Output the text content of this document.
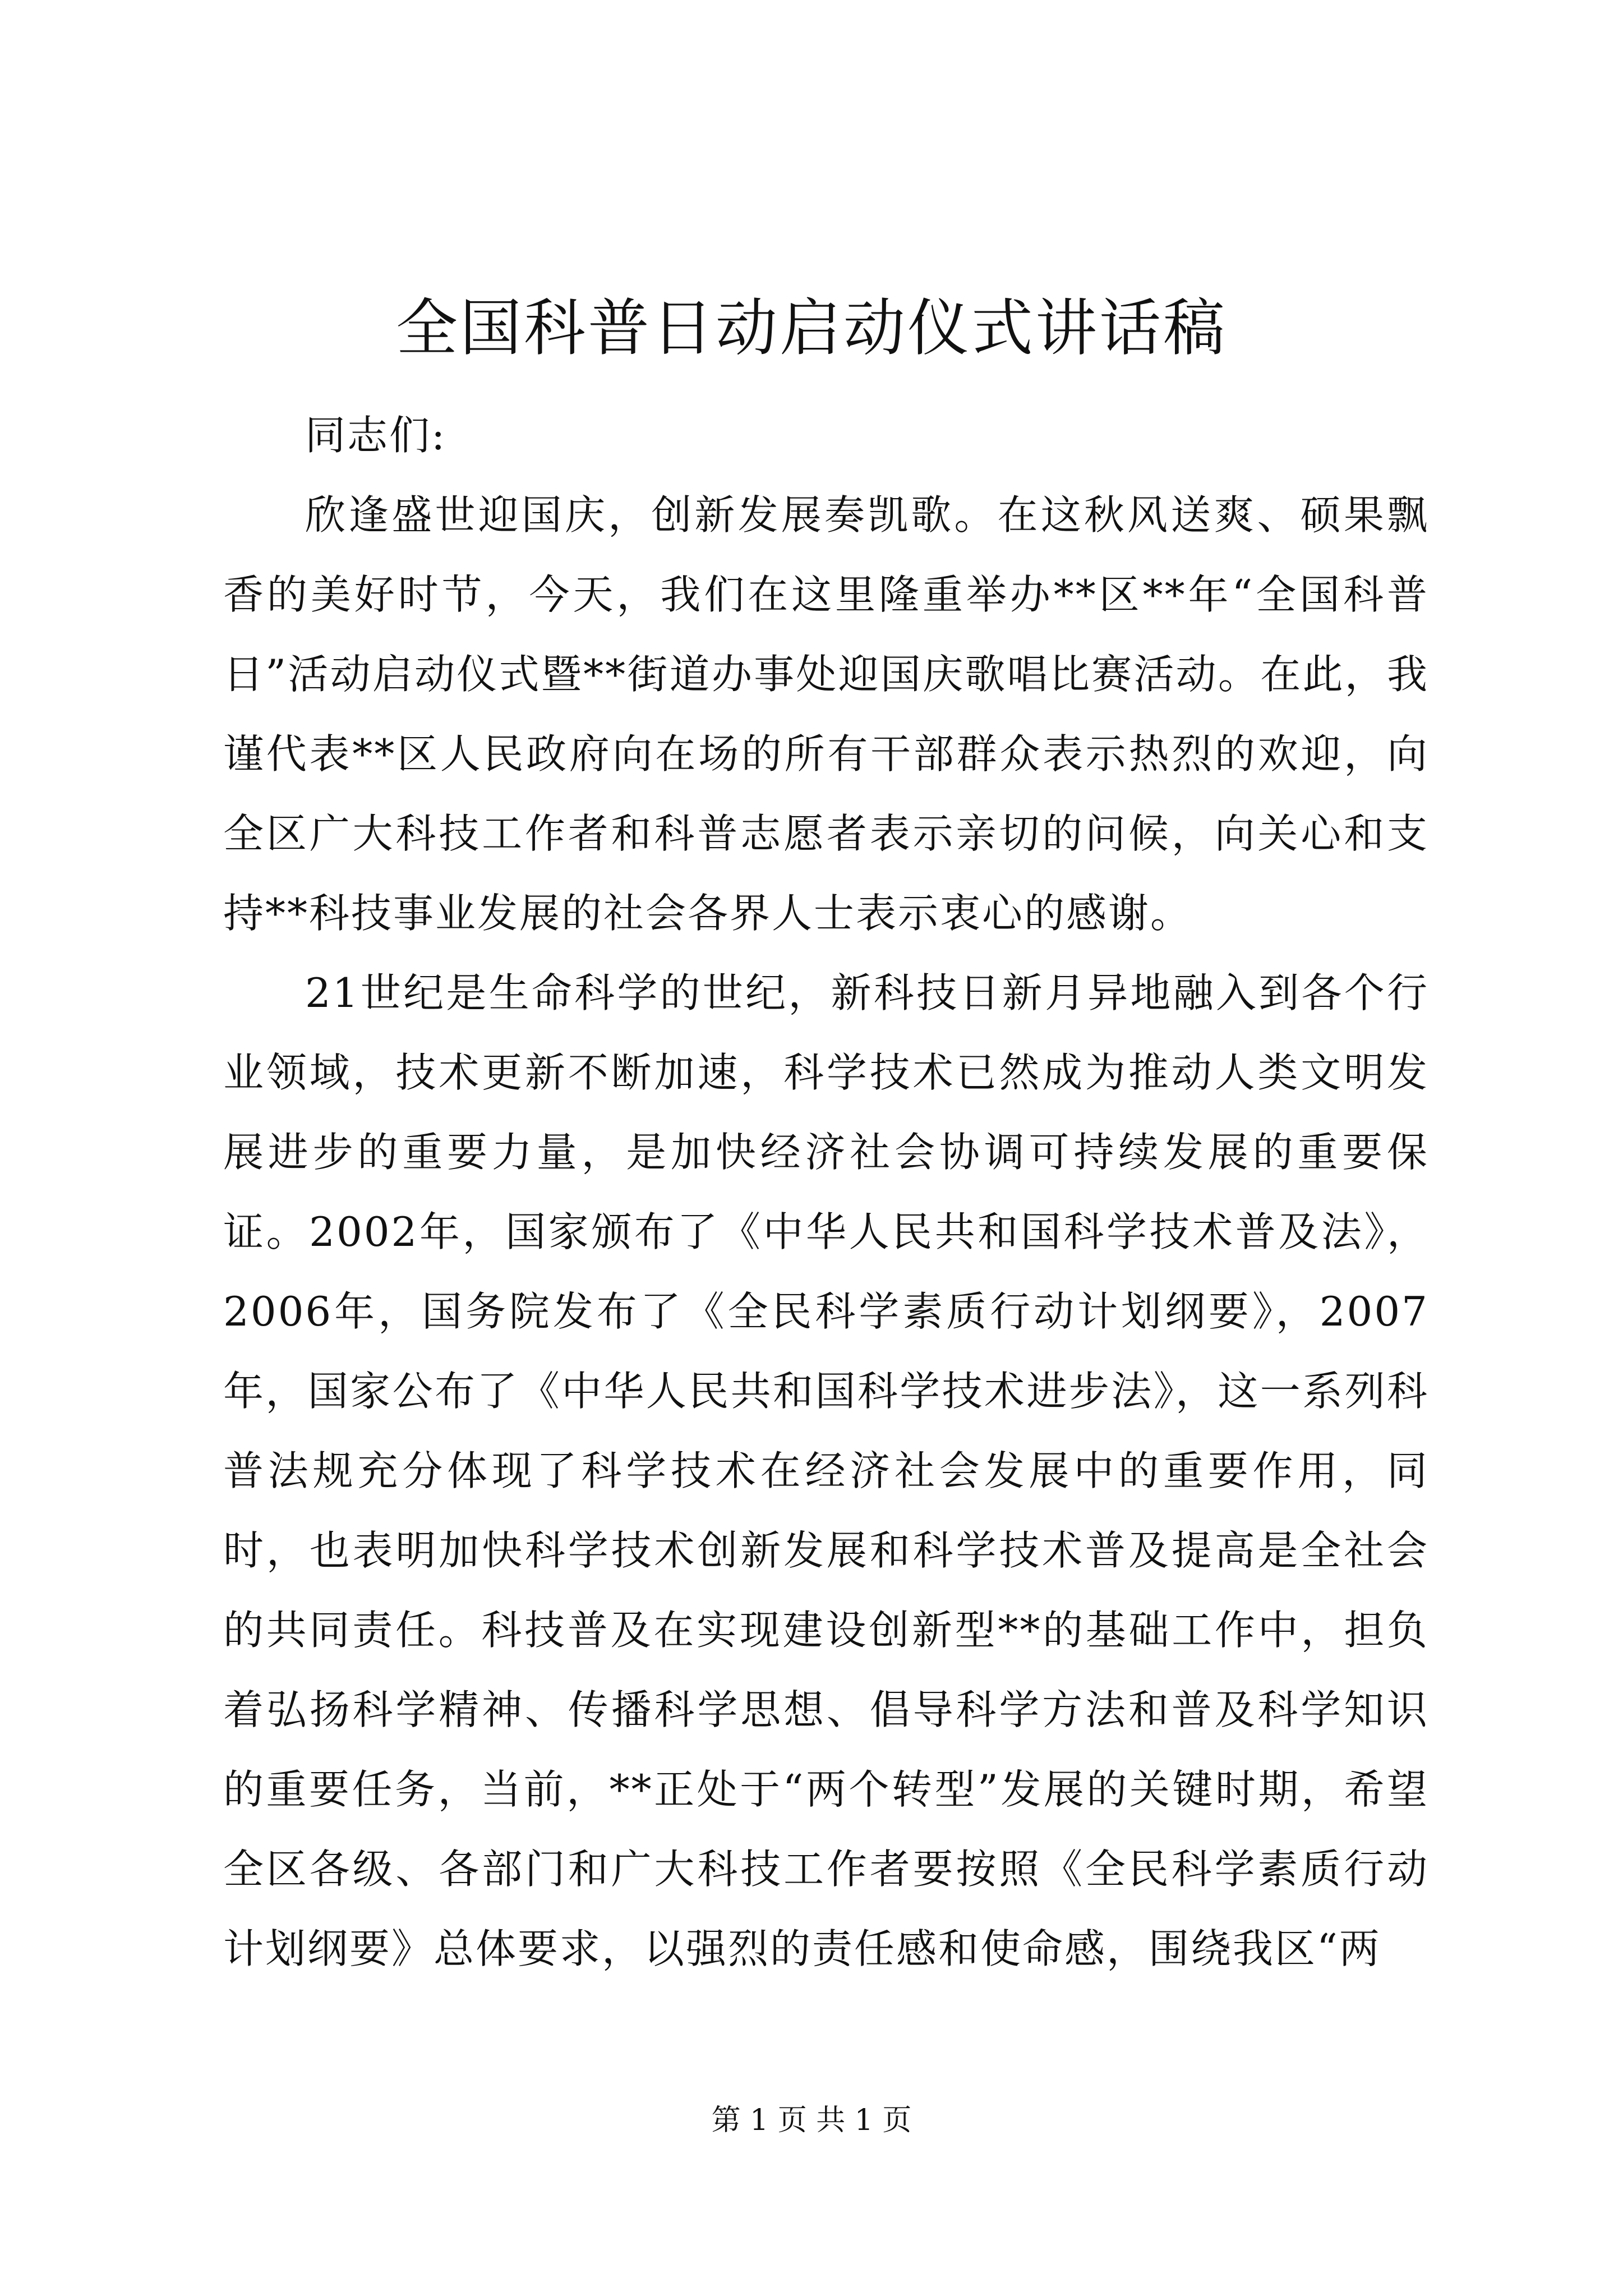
全国科普日动启动仪式讲话稿

同志们:

欣逢盛世迎国庆，创新发展奏凯歌。在这秋风送爽、硕果飘香的美好时节，今天，我们在这里隆重举办**区**年“全国科普日”活动启动仪式暨**街道办事处迎国庆歌唱比赛活动。在此，我谨代表**区人民政府向在场的所有干部群众表示热烈的欢迎，向全区广大科技工作者和科普志愿者表示亲切的问候，向关心和支持**科技事业发展的社会各界人士表示衷心的感谢。

21世纪是生命科学的世纪，新科技日新月异地融入到各个行业领域，技术更新不断加速，科学技术已然成为推动人类文明发展进步的重要力量，是加快经济社会协调可持续发展的重要保证。2002年，国家颁布了《中华人民共和国科学技术普及法》，2006年，国务院发布了《全民科学素质行动计划纲要》，2007年，国家公布了《中华人民共和国科学技术进步法》，这一系列科普法规充分体现了科学技术在经济社会发展中的重要作用，同时，也表明加快科学技术创新发展和科学技术普及提高是全社会的共同责任。科技普及在实现建设创新型**的基础工作中，担负着弘扬科学精神、传播科学思想、倡导科学方法和普及科学知识的重要任务，当前，**正处于“两个转型”发展的关键时期，希望全区各级、各部门和广大科技工作者要按照《全民科学素质行动计划纲要》总体要求，以强烈的责任感和使命感，围绕我区“两

第 1 页 共 1 页
